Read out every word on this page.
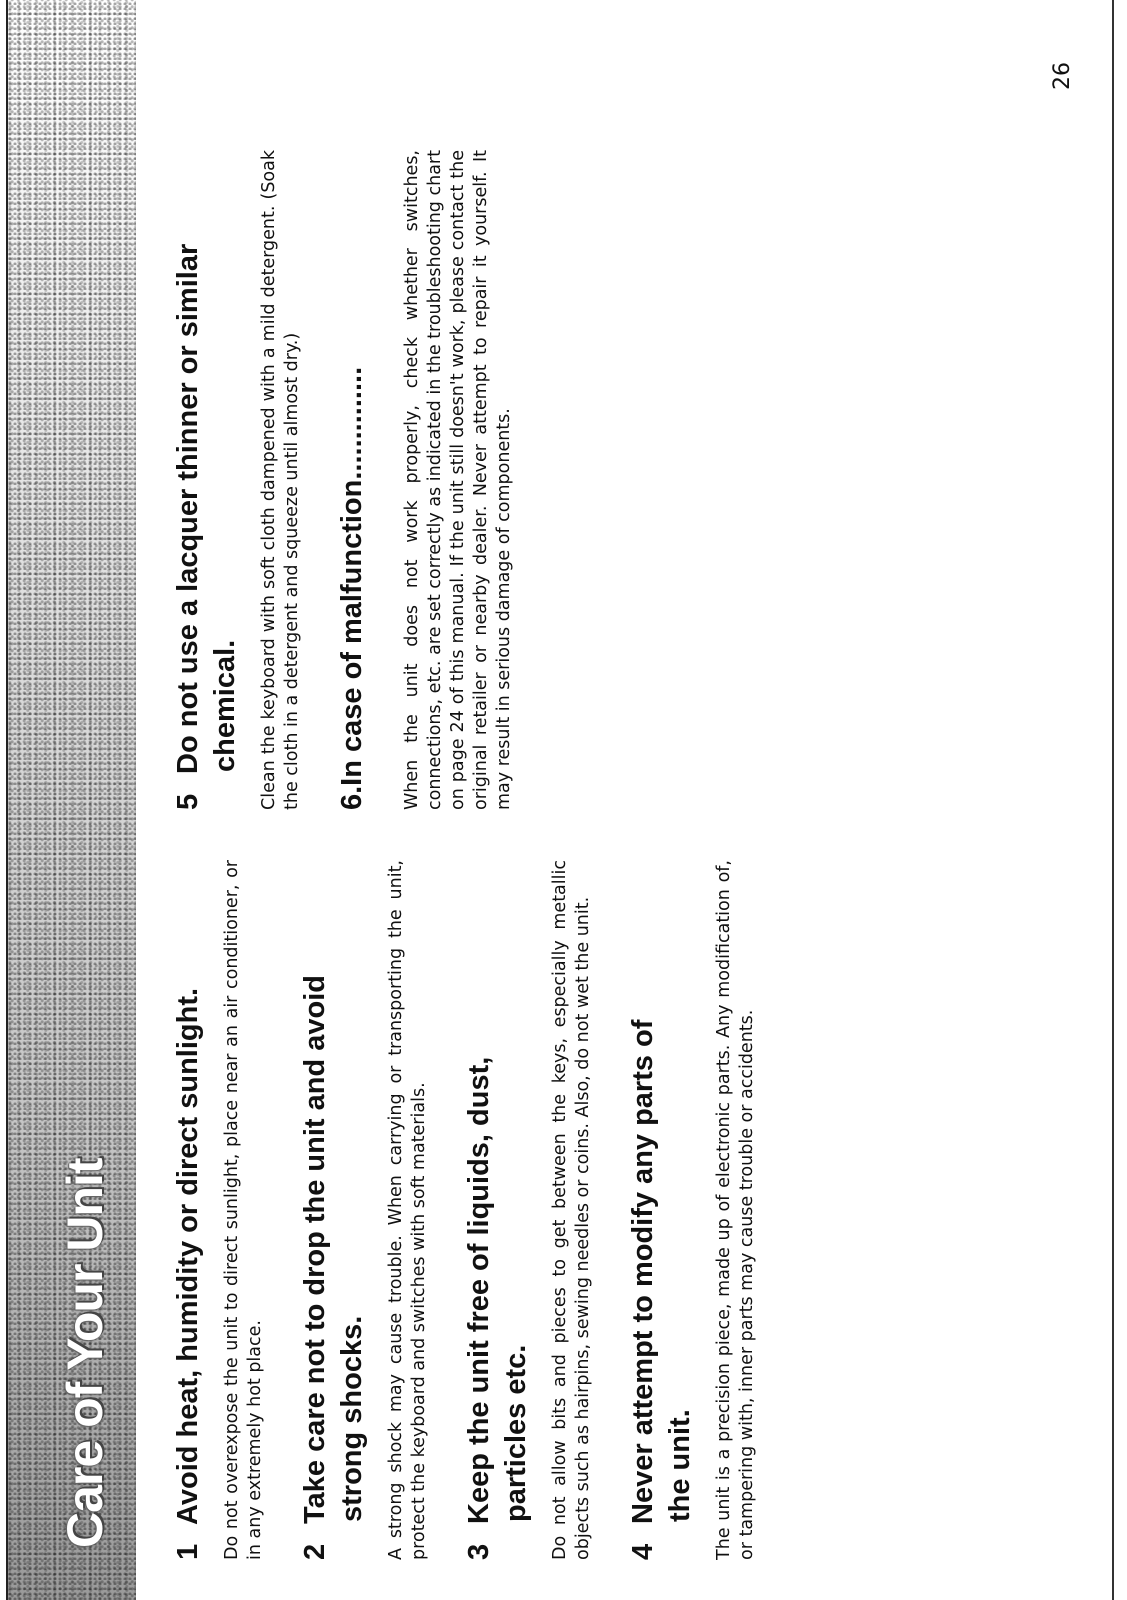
Care of Your Unit
1 Avoid heat, humidity or direct sunlight. Do not overexpose the unit to direct sunlight, place near an air conditioner, or in any extremely hot place. 2 Take care not to drop the unit and avoid strong shocks. A strong shock may cause trouble. When carrying or transporting the unit, protect the keyboard and switches with soft materials. 3 Keep the unit free of liquids, dust, particles etc. Do not allow bits and pieces to get between the keys, especially metallic objects such as hairpins, sewing needles or coins. Also, do not wet the unit. 4 Never attempt to modify any parts of the unit. The unit is a precision piece, made up of electronic parts. Any modification of, or tampering with, inner parts may cause trouble or accidents.

5 Do not use a lacquer thinner or similar chemical. Clean the keyboard with soft cloth dampened with a mild detergent. (Soak the cloth in a detergent and squeeze until almost dry.) 6.In case of malfunction.............. When the unit does not work properly, check whether switches, connections, etc. are set correctly as indicated in the troubleshooting chart on page 24 of this manual. If the unit still doesn't work, please contact the original retailer or nearby dealer. Never attempt to repair it yourself. It may result in serious damage of components.

26
